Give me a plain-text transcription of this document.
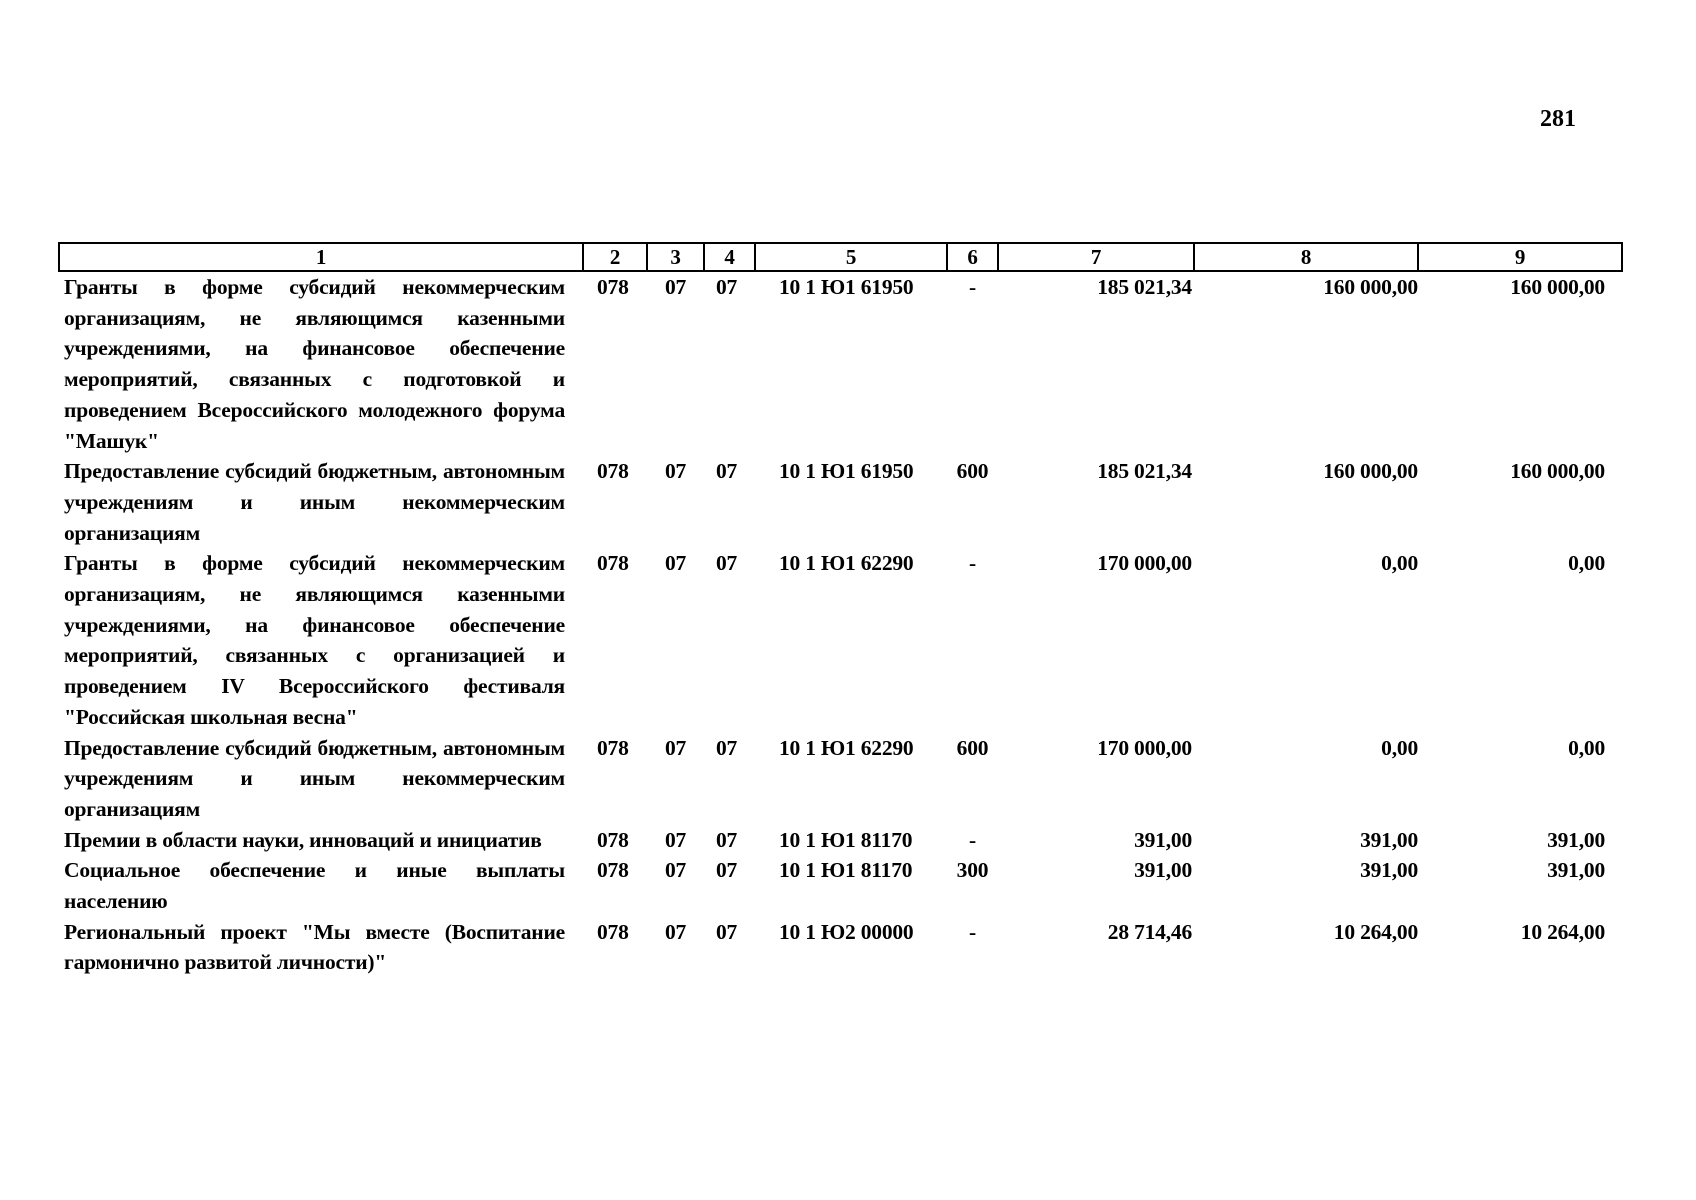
281
1	2	3	4	5	6	7	8	9
Гранты в форме субсидий некоммерческим организациям, не являющимся казенными учреждениями, на финансовое обеспечение мероприятий, связанных с подготовкой и проведением Всероссийского молодежного форума "Машук"	078	07	07	10 1 Ю1 61950	-	185 021,34	160 000,00	160 000,00
Предоставление субсидий бюджетным, автономным учреждениям и иным некоммерческим организациям	078	07	07	10 1 Ю1 61950	600	185 021,34	160 000,00	160 000,00
Гранты в форме субсидий некоммерческим организациям, не являющимся казенными учреждениями, на финансовое обеспечение мероприятий, связанных с организацией и проведением IV Всероссийского фестиваля "Российская школьная весна"	078	07	07	10 1 Ю1 62290	-	170 000,00	0,00	0,00
Предоставление субсидий бюджетным, автономным учреждениям и иным некоммерческим организациям	078	07	07	10 1 Ю1 62290	600	170 000,00	0,00	0,00
Премии в области науки, инноваций и инициатив	078	07	07	10 1 Ю1 81170	-	391,00	391,00	391,00
Социальное обеспечение и иные выплаты населению	078	07	07	10 1 Ю1 81170	300	391,00	391,00	391,00
Региональный проект "Мы вместе (Воспитание гармонично развитой личности)"	078	07	07	10 1 Ю2 00000	-	28 714,46	10 264,00	10 264,00
